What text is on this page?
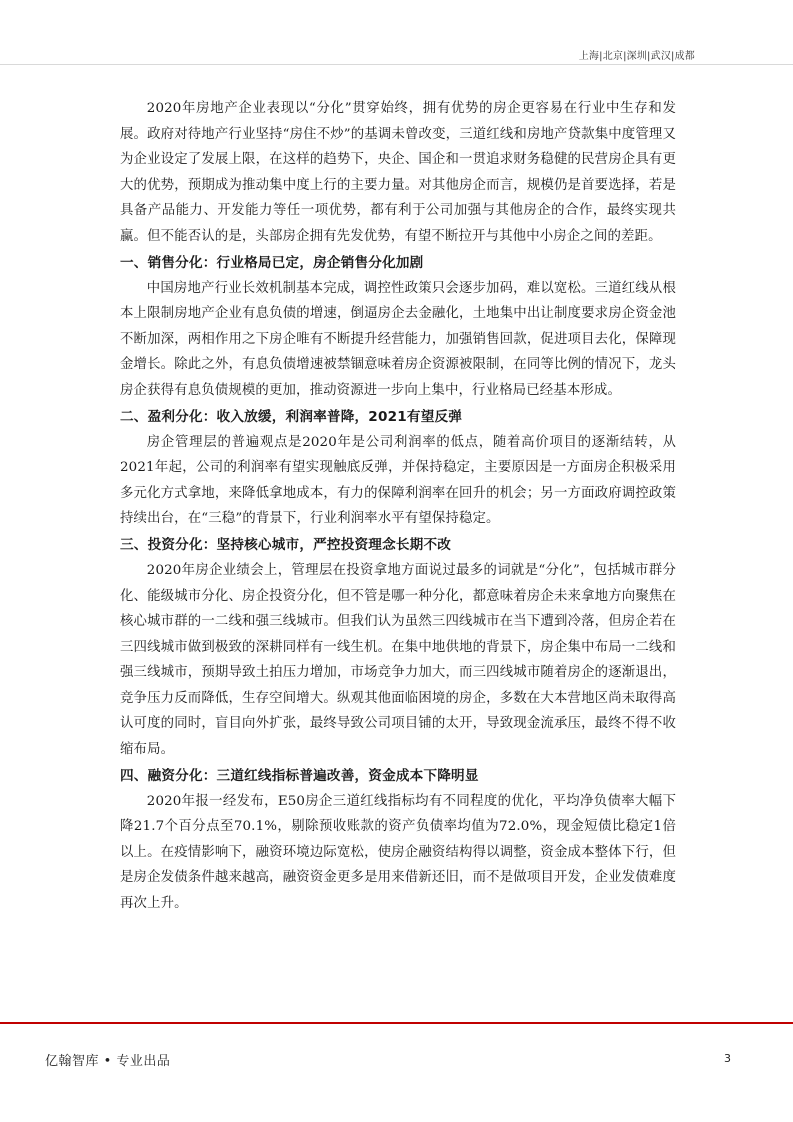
上海|北京|深圳|武汉|成都

2020年房地产企业表现以“分化”贯穿始终，拥有优势的房企更容易在行业中生存和发展。政府对待地产行业坚持“房住不炒”的基调未曾改变，三道红线和房地产贷款集中度管理又为企业设定了发展上限，在这样的趋势下，央企、国企和一贯追求财务稳健的民营房企具有更大的优势，预期成为推动集中度上行的主要力量。对其他房企而言，规模仍是首要选择，若是具备产品能力、开发能力等任一项优势，都有利于公司加强与其他房企的合作，最终实现共赢。但不能否认的是，头部房企拥有先发优势，有望不断拉开与其他中小房企之间的差距。

一、销售分化：行业格局已定，房企销售分化加剧

中国房地产行业长效机制基本完成，调控性政策只会逐步加码，难以宽松。三道红线从根本上限制房地产企业有息负债的增速，倒逼房企去金融化，土地集中出让制度要求房企资金池不断加深，两相作用之下房企唯有不断提升经营能力，加强销售回款，促进项目去化，保障现金增长。除此之外，有息负债增速被禁锢意味着房企资源被限制，在同等比例的情况下，龙头房企获得有息负债规模的更加，推动资源进一步向上集中，行业格局已经基本形成。

二、盈利分化：收入放缓，利润率普降，2021有望反弹

房企管理层的普遍观点是2020年是公司利润率的低点，随着高价项目的逐渐结转，从2021年起，公司的利润率有望实现触底反弹，并保持稳定，主要原因是一方面房企积极采用多元化方式拿地，来降低拿地成本，有力的保障利润率在回升的机会；另一方面政府调控政策持续出台，在“三稳”的背景下，行业利润率水平有望保持稳定。

三、投资分化：坚持核心城市，严控投资理念长期不改

2020年房企业绩会上，管理层在投资拿地方面说过最多的词就是“分化”，包括城市群分化、能级城市分化、房企投资分化，但不管是哪一种分化，都意味着房企未来拿地方向聚焦在核心城市群的一二线和强三线城市。但我们认为虽然三四线城市在当下遭到冷落，但房企若在三四线城市做到极致的深耕同样有一线生机。在集中地供地的背景下，房企集中布局一二线和强三线城市，预期导致土拍压力增加，市场竞争力加大，而三四线城市随着房企的逐渐退出，竞争压力反而降低，生存空间增大。纵观其他面临困境的房企，多数在大本营地区尚未取得高认可度的同时，盲目向外扩张，最终导致公司项目铺的太开，导致现金流承压，最终不得不收缩布局。

四、融资分化：三道红线指标普遍改善，资金成本下降明显

2020年报一经发布，E50房企三道红线指标均有不同程度的优化，平均净负债率大幅下降21.7个百分点至70.1%，剔除预收账款的资产负债率均值为72.0%，现金短债比稳定1倍以上。在疫情影响下，融资环境边际宽松，使房企融资结构得以调整，资金成本整体下行，但是房企发债条件越来越高，融资资金更多是用来借新还旧，而不是做项目开发，企业发债难度再次上升。

亿翰智库 • 专业出品	3
